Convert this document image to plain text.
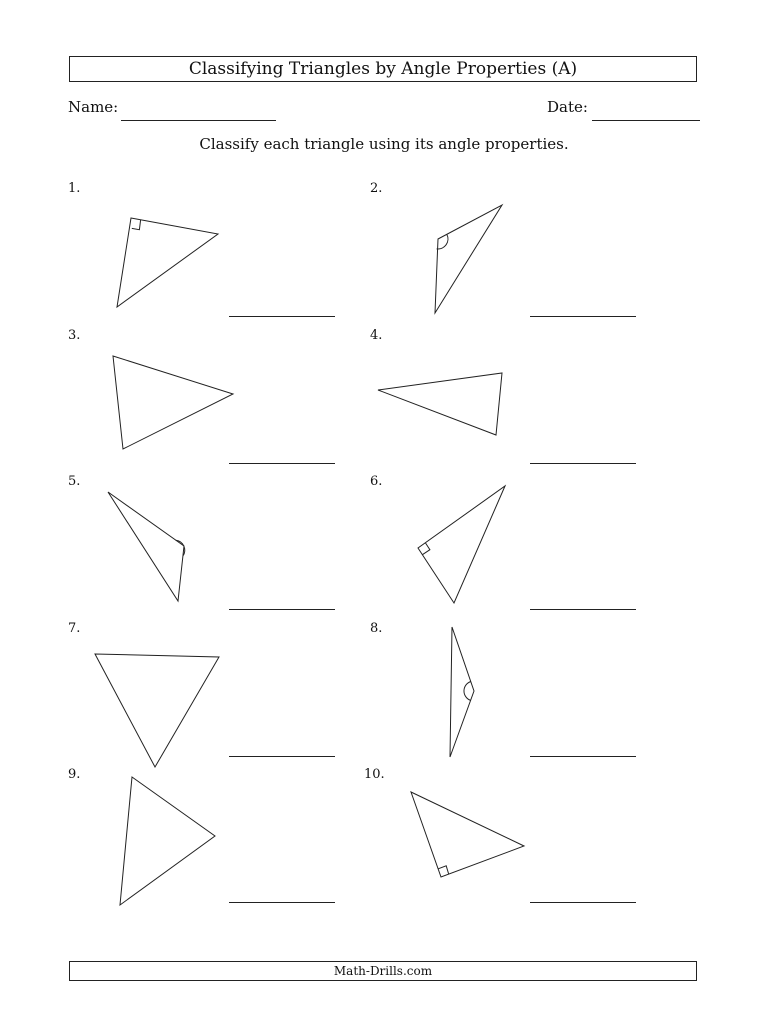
Classifying Triangles by Angle Properties (A)
Name:	Date:
Classify each triangle using its angle properties.
1.	2.
3.	4.
5.	6.
7.	8.
9.	10.
Math-Drills.com
